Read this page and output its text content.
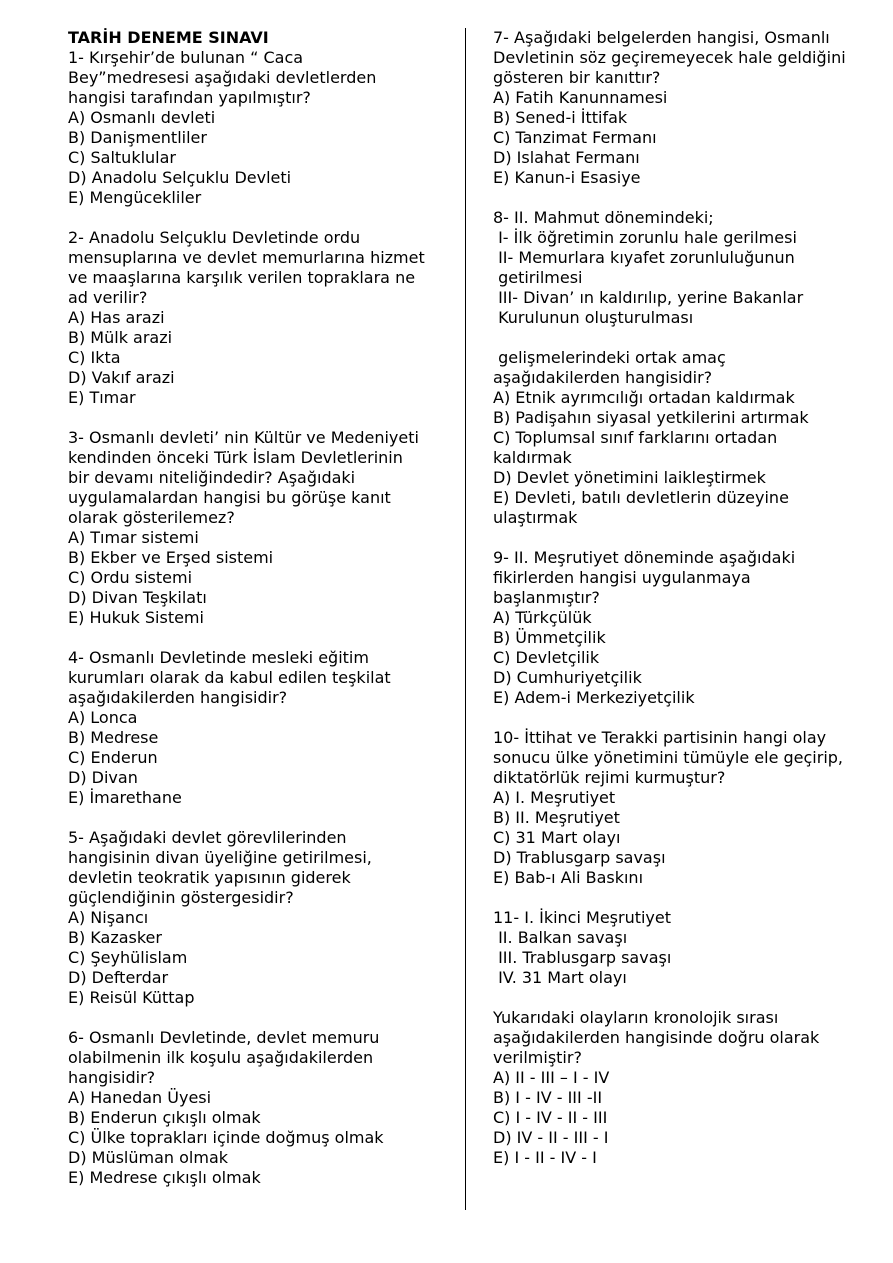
TARİH DENEME SINAVI
1- Kırşehir’de bulunan “ Caca
Bey”medresesi aşağıdaki devletlerden
hangisi tarafından yapılmıştır?
A) Osmanlı devleti
B) Danişmentliler
C) Saltuklular
D) Anadolu Selçuklu Devleti
E) Mengücekliler
2- Anadolu Selçuklu Devletinde ordu
mensuplarına ve devlet memurlarına hizmet
ve maaşlarına karşılık verilen topraklara ne
ad verilir?
A) Has arazi
B) Mülk arazi
C) Ikta
D) Vakıf arazi
E) Tımar
3- Osmanlı devleti’ nin Kültür ve Medeniyeti
kendinden önceki Türk İslam Devletlerinin
bir devamı niteliğindedir? Aşağıdaki
uygulamalardan hangisi bu görüşe kanıt
olarak gösterilemez?
A) Tımar sistemi
B) Ekber ve Erşed sistemi
C) Ordu sistemi
D) Divan Teşkilatı
E) Hukuk Sistemi
4- Osmanlı Devletinde mesleki eğitim
kurumları olarak da kabul edilen teşkilat
aşağıdakilerden hangisidir?
A) Lonca
B) Medrese
C) Enderun
D) Divan
E) İmarethane
5- Aşağıdaki devlet görevlilerinden
hangisinin divan üyeliğine getirilmesi,
devletin teokratik yapısının giderek
güçlendiğinin göstergesidir?
A) Nişancı
B) Kazasker
C) Şeyhülislam
D) Defterdar
E) Reisül Küttap
6- Osmanlı Devletinde, devlet memuru
olabilmenin ilk koşulu aşağıdakilerden
hangisidir?
A) Hanedan Üyesi
B) Enderun çıkışlı olmak
C) Ülke toprakları içinde doğmuş olmak
D) Müslüman olmak
E) Medrese çıkışlı olmak
7- Aşağıdaki belgelerden hangisi, Osmanlı
Devletinin söz geçiremeyecek hale geldiğini
gösteren bir kanıttır?
A) Fatih Kanunnamesi
B) Sened-i İttifak
C) Tanzimat Fermanı
D) Islahat Fermanı
E) Kanun-i Esasiye
8- II. Mahmut dönemindeki;
I- İlk öğretimin zorunlu hale gerilmesi
II- Memurlara kıyafet zorunluluğunun
getirilmesi
III- Divan’ ın kaldırılıp, yerine Bakanlar
Kurulunun oluşturulması
gelişmelerindeki ortak amaç
aşağıdakilerden hangisidir?
A) Etnik ayrımcılığı ortadan kaldırmak
B) Padişahın siyasal yetkilerini artırmak
C) Toplumsal sınıf farklarını ortadan
kaldırmak
D) Devlet yönetimini laikleştirmek
E) Devleti, batılı devletlerin düzeyine
ulaştırmak
9- II. Meşrutiyet döneminde aşağıdaki
fikirlerden hangisi uygulanmaya
başlanmıştır?
A) Türkçülük
B) Ümmetçilik
C) Devletçilik
D) Cumhuriyetçilik
E) Adem-i Merkeziyetçilik
10- İttihat ve Terakki partisinin hangi olay
sonucu ülke yönetimini tümüyle ele geçirip,
diktatörlük rejimi kurmuştur?
A) I. Meşrutiyet
B) II. Meşrutiyet
C) 31 Mart olayı
D) Trablusgarp savaşı
E) Bab-ı Ali Baskını
11- I. İkinci Meşrutiyet
II. Balkan savaşı
III. Trablusgarp savaşı
IV. 31 Mart olayı
Yukarıdaki olayların kronolojik sırası
aşağıdakilerden hangisinde doğru olarak
verilmiştir?
A) II - III – I - IV
B) I - IV - III -II
C) I - IV - II - III
D) IV - II - III - I
E) I - II - IV - I
